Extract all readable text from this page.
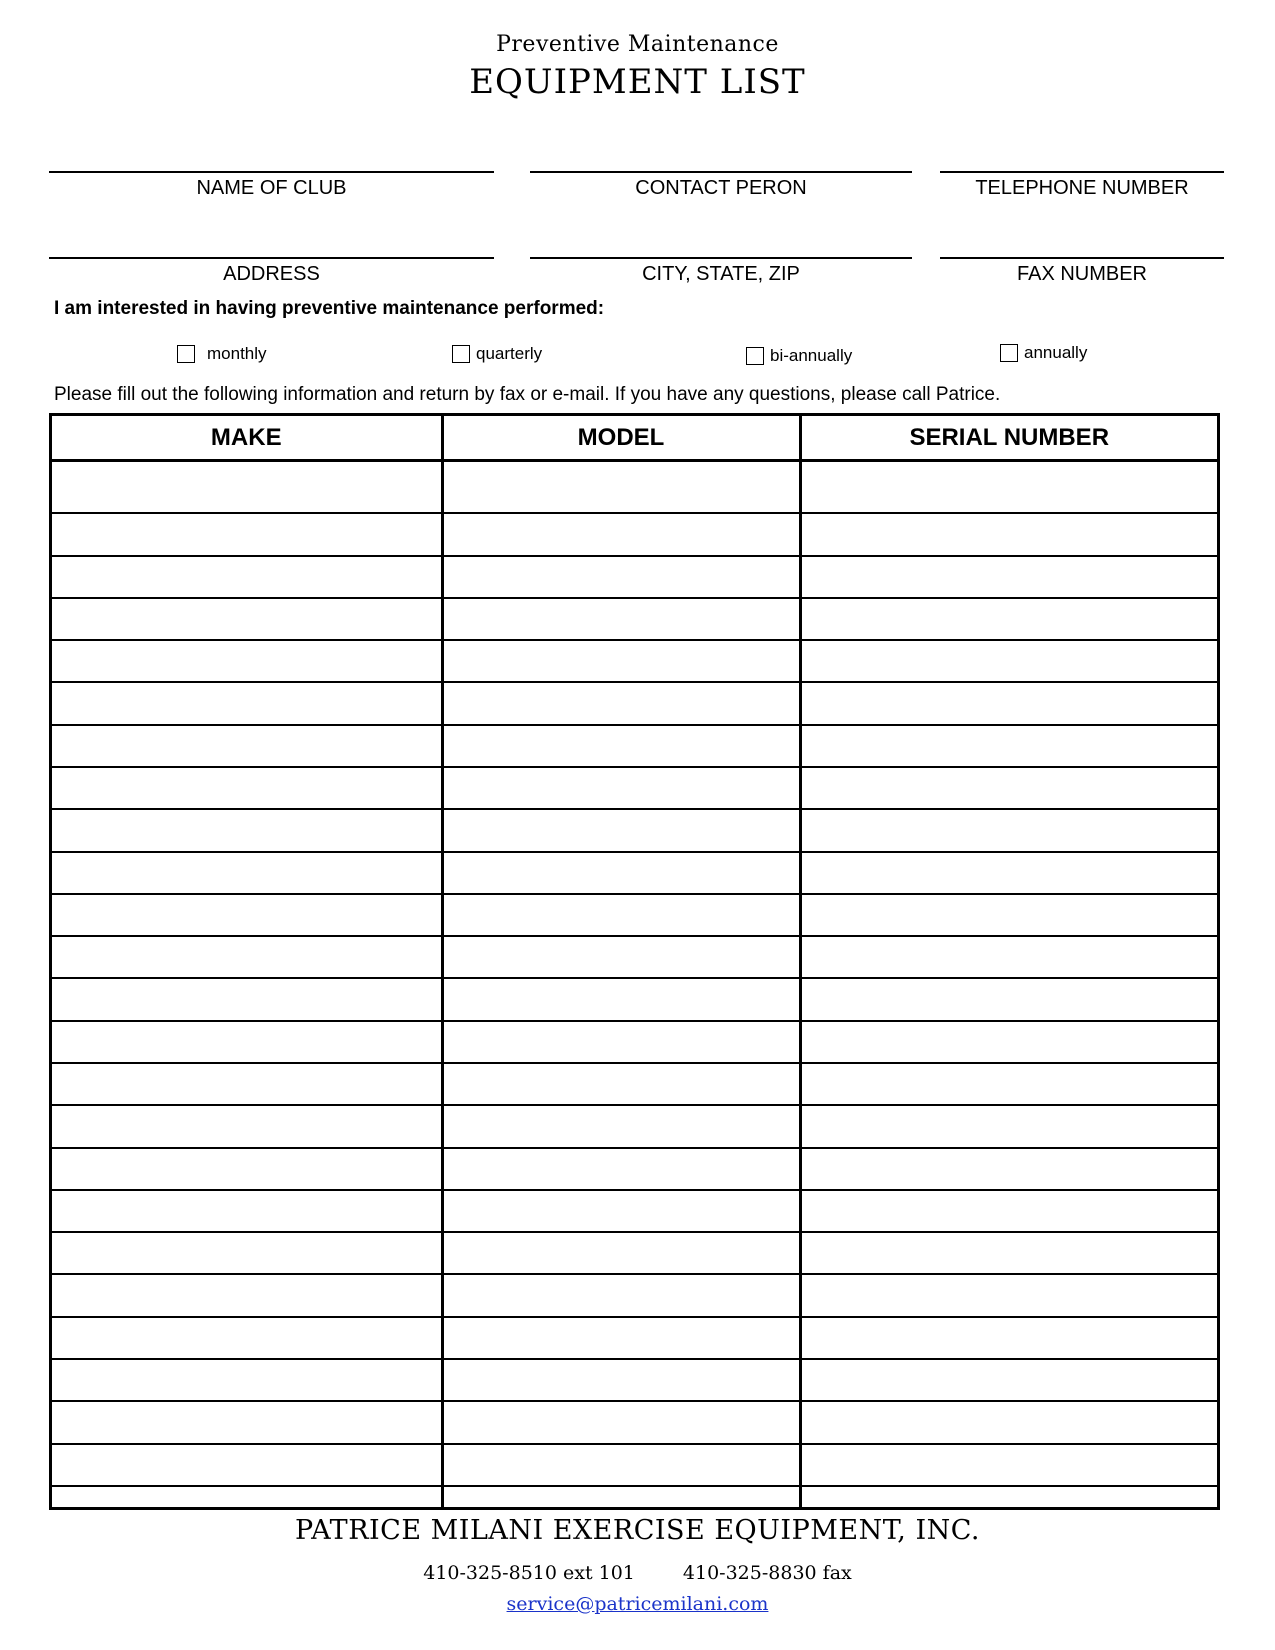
Preventive Maintenance
EQUIPMENT LIST
NAME OF CLUB	CONTACT PERON	TELEPHONE NUMBER
ADDRESS	CITY, STATE, ZIP	FAX NUMBER
I am interested in having preventive maintenance performed:
monthly	quarterly	bi-annually	annually
Please fill out the following information and return by fax or e-mail. If you have any questions, please call Patrice.
MAKE	MODEL	SERIAL NUMBER

PATRICE MILANI EXERCISE EQUIPMENT, INC.
410-325-8510 ext 101	410-325-8830 fax
service@patricemilani.com
